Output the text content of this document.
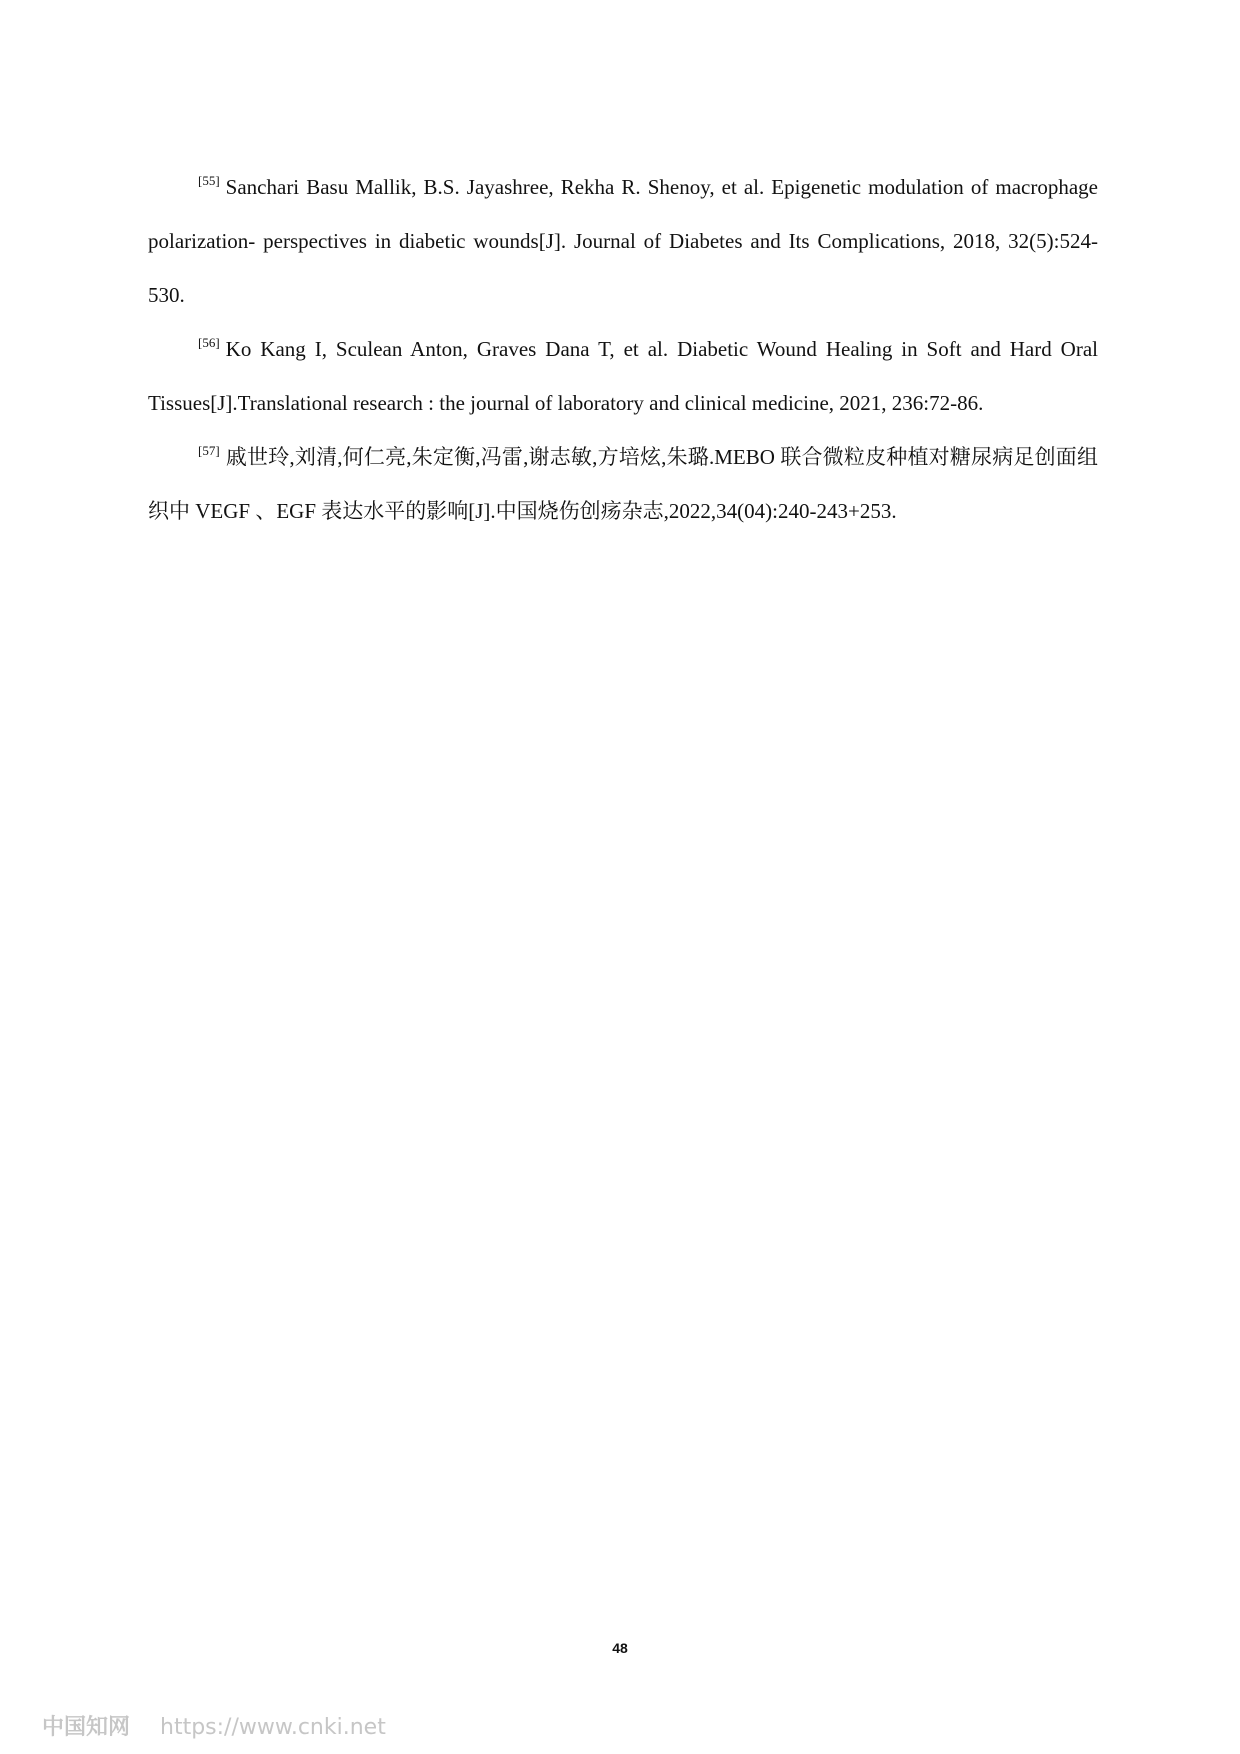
[55] Sanchari Basu Mallik, B.S. Jayashree, Rekha R. Shenoy, et al. Epigenetic modulation of macrophage polarization- perspectives in diabetic wounds[J]. Journal of Diabetes and Its Complications, 2018, 32(5):524-530.

[56] Ko Kang I, Sculean Anton, Graves Dana T, et al. Diabetic Wound Healing in Soft and Hard Oral Tissues[J].Translational research : the journal of laboratory and clinical medicine, 2021, 236:72-86.

[57] 戚世玲,刘清,何仁亮,朱定衡,冯雷,谢志敏,方培炫,朱璐.MEBO 联合微粒皮种植对糖尿病足创面组织中 VEGF 、EGF 表达水平的影响[J].中国烧伤创疡杂志,2022,34(04):240-243+253.

48
中国知网 https://www.cnki.net
